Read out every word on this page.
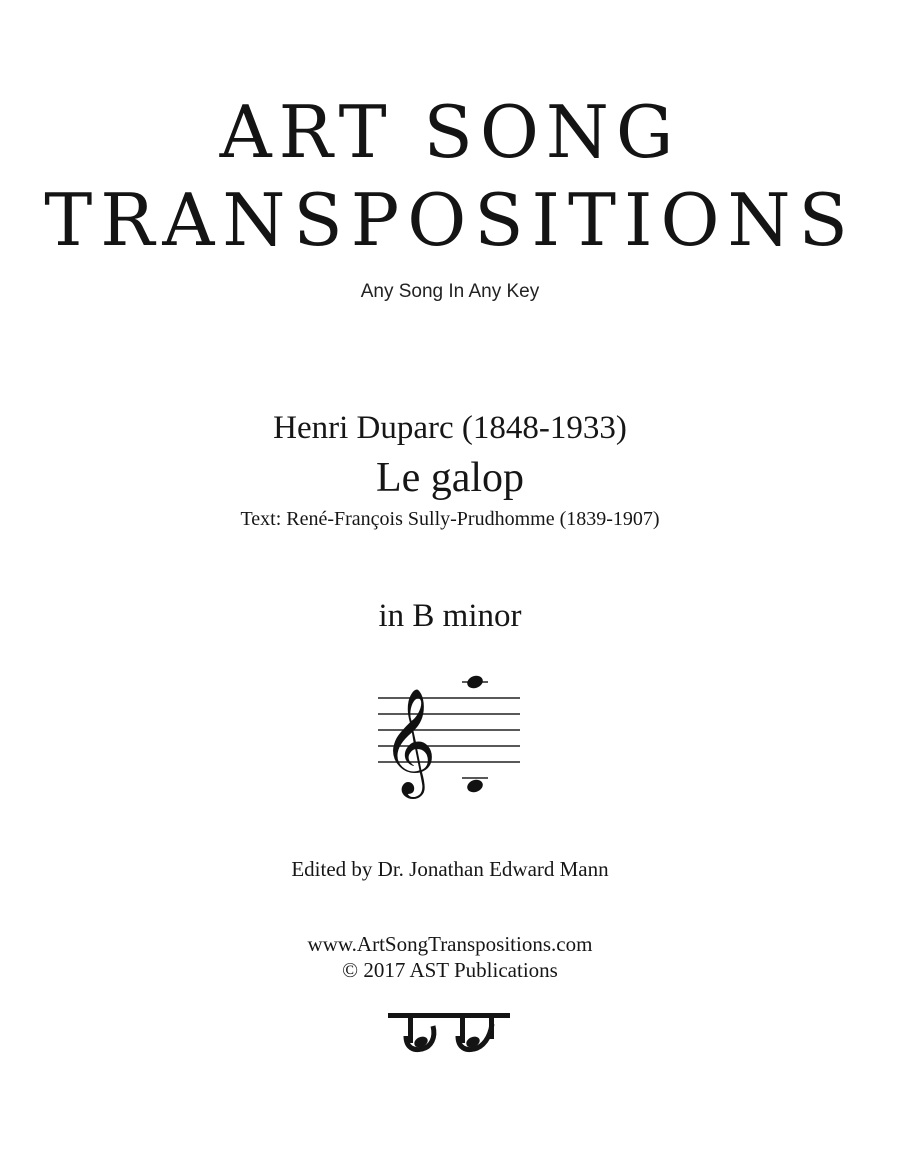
ART SONG
TRANSPOSITIONS
Any Song In Any Key
Henri Duparc (1848-1933)
Le galop
Text: René-François Sully-Prudhomme (1839-1907)
in B minor
𝄞
Edited by Dr. Jonathan Edward Mann
www.ArtSongTranspositions.com
© 2017 AST Publications
